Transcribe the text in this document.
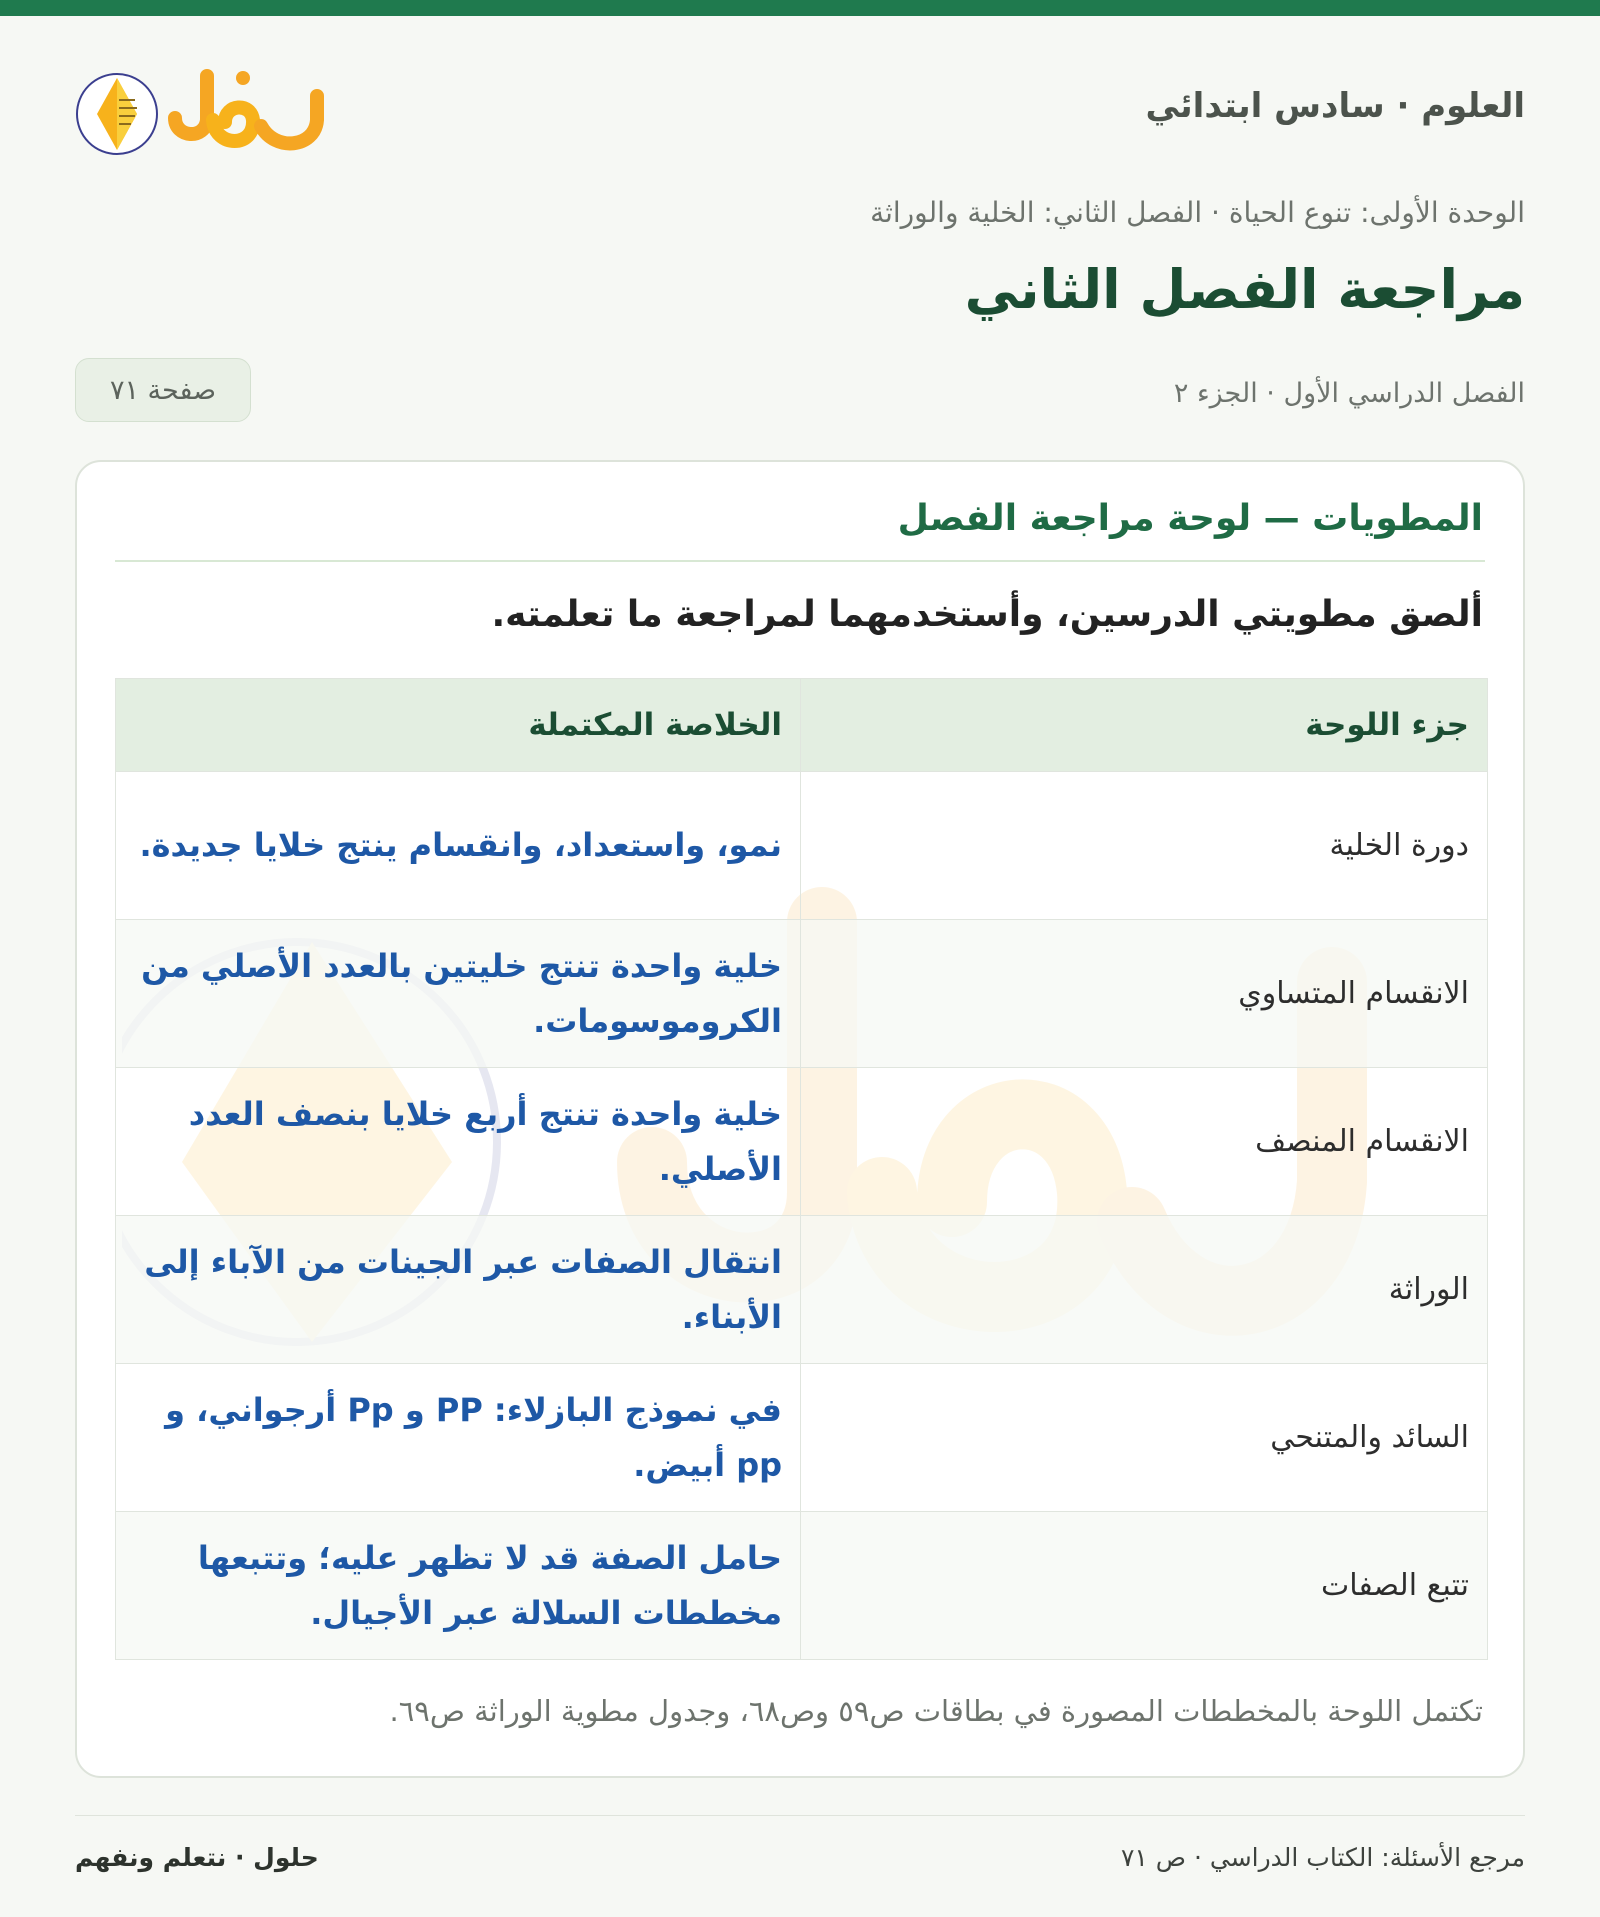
العلوم · سادس ابتدائي
الوحدة الأولى: تنوع الحياة · الفصل الثاني: الخلية والوراثة
مراجعة الفصل الثاني
الفصل الدراسي الأول · الجزء ٢
صفحة ٧١
المطويات — لوحة مراجعة الفصل
ألصق مطويتي الدرسين، وأستخدمهما لمراجعة ما تعلمته.
جزء اللوحة	الخلاصة المكتملة
دورة الخلية	نمو، واستعداد، وانقسام ينتج خلايا جديدة.
الانقسام المتساوي	خلية واحدة تنتج خليتين بالعدد الأصلي من الكروموسومات.
الانقسام المنصف	خلية واحدة تنتج أربع خلايا بنصف العدد الأصلي.
الوراثة	انتقال الصفات عبر الجينات من الآباء إلى الأبناء.
السائد والمتنحي	في نموذج البازلاء: PP و Pp أرجواني، و pp أبيض.
تتبع الصفات	حامل الصفة قد لا تظهر عليه؛ وتتبعها مخططات السلالة عبر الأجيال.
تكتمل اللوحة بالمخططات المصورة في بطاقات ص٥٩ وص٦٨، وجدول مطوية الوراثة ص٦٩.
مرجع الأسئلة: الكتاب الدراسي · ص ٧١
حلول · نتعلم ونفهم
